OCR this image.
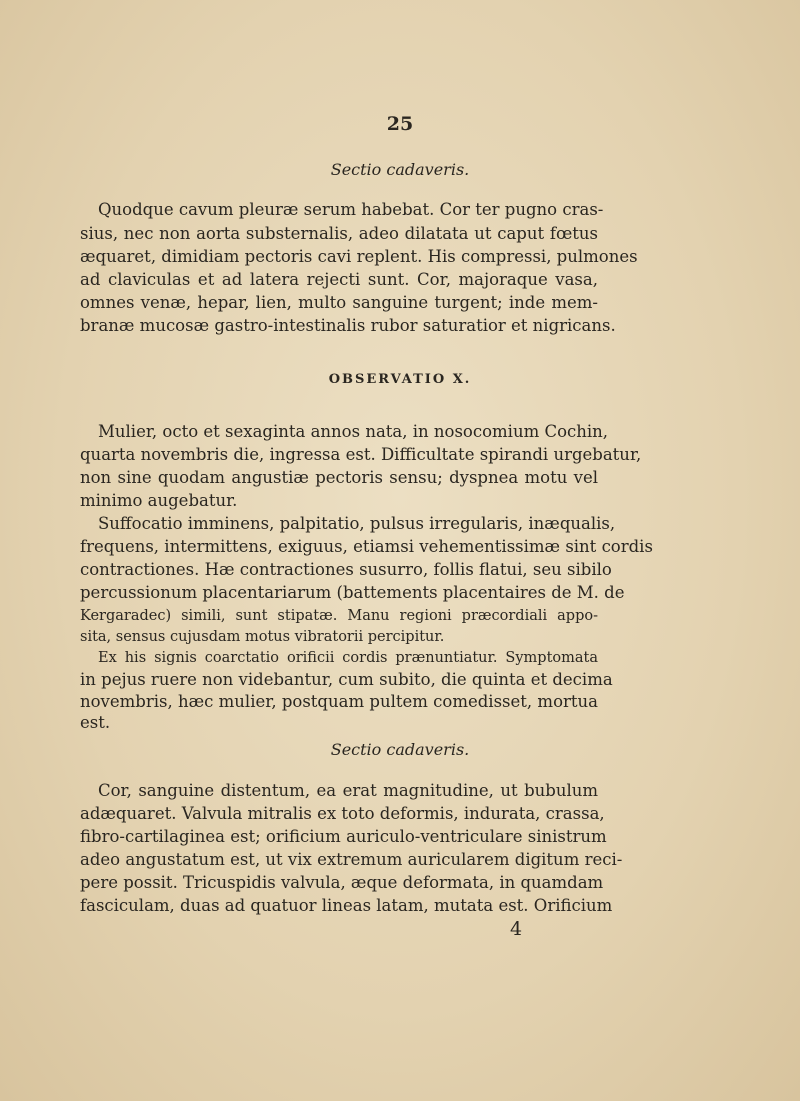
25
Sectio cadaveris.
Quodque cavum pleuræ serum habebat. Cor ter pugno cras-
sius, nec non aorta substernalis, adeo dilatata ut caput fœtus
æquaret, dimidiam pectoris cavi replent. His compressi, pulmones
ad claviculas et ad latera rejecti sunt. Cor, majoraque vasa,
omnes venæ, hepar, lien, multo sanguine turgent; inde mem-
branæ mucosæ gastro-intestinalis rubor saturatior et nigricans.
OBSERVATIO X.
Mulier, octo et sexaginta annos nata, in nosocomium Cochin,
quarta novembris die, ingressa est. Difficultate spirandi urgebatur,
non sine quodam angustiæ pectoris sensu; dyspnea motu vel
minimo augebatur.
Suffocatio imminens, palpitatio, pulsus irregularis, inæqualis,
frequens, intermittens, exiguus, etiamsi vehementissimæ sint cordis
contractiones. Hæ contractiones susurro, follis flatui, seu sibilo
percussionum placentariarum (battements placentaires de M. de
Kergaradec) simili, sunt stipatæ. Manu regioni præcordiali appo-
sita, sensus cujusdam motus vibratorii percipitur.
Ex his signis coarctatio orificii cordis prænuntiatur. Symptomata
in pejus ruere non videbantur, cum subito, die quinta et decima
novembris, hæc mulier, postquam pultem comedisset, mortua
est.
Sectio cadaveris.
Cor, sanguine distentum, ea erat magnitudine, ut bubulum
adæquaret. Valvula mitralis ex toto deformis, indurata, crassa,
fibro-cartilaginea est; orificium auriculo-ventriculare sinistrum
adeo angustatum est, ut vix extremum auricularem digitum reci-
pere possit. Tricuspidis valvula, æque deformata, in quamdam
fasciculam, duas ad quatuor lineas latam, mutata est. Orificium
4
